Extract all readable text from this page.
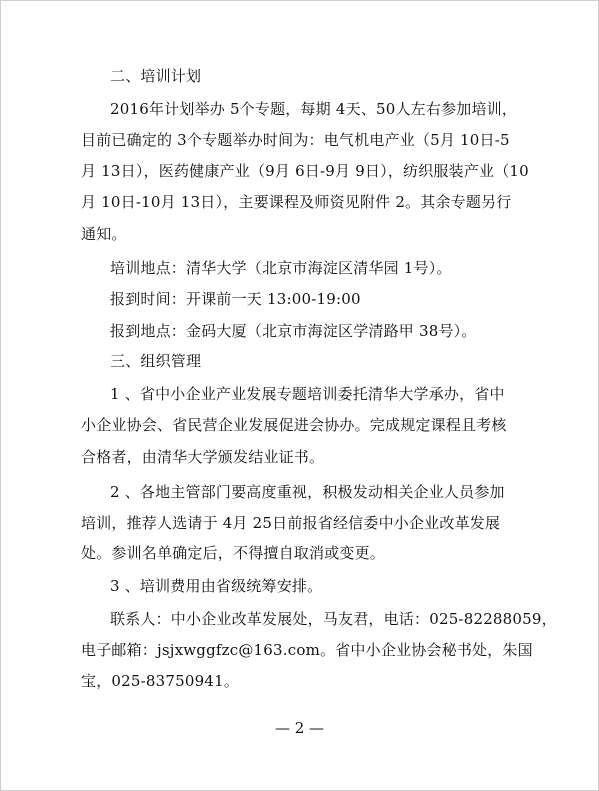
二、培训计划
2016年计划举办 5个专题，每期 4天、50人左右参加培训，
目前已确定的 3个专题举办时间为：电气机电产业（5月 10日-5
月 13日），医药健康产业（9月 6日-9月 9日），纺织服装产业（10
月 10日-10月 13日），主要课程及师资见附件 2。其余专题另行
通知。
培训地点：清华大学（北京市海淀区清华园 1号）。
报到时间：开课前一天 13:00-19:00
报到地点：金码大厦（北京市海淀区学清路甲 38号）。
三、组织管理
1 、省中小企业产业发展专题培训委托清华大学承办，省中
小企业协会、省民营企业发展促进会协办。完成规定课程且考核
合格者，由清华大学颁发结业证书。
2 、各地主管部门要高度重视，积极发动相关企业人员参加
培训，推荐人选请于 4月 25日前报省经信委中小企业改革发展
处。参训名单确定后，不得擅自取消或变更。
3 、培训费用由省级统筹安排。
联系人：中小企业改革发展处，马友君，电话：025-82288059，
电子邮箱：jsjxwggfzc@163.com。省中小企业协会秘书处，朱国
宝，025-83750941。
— 2 —
